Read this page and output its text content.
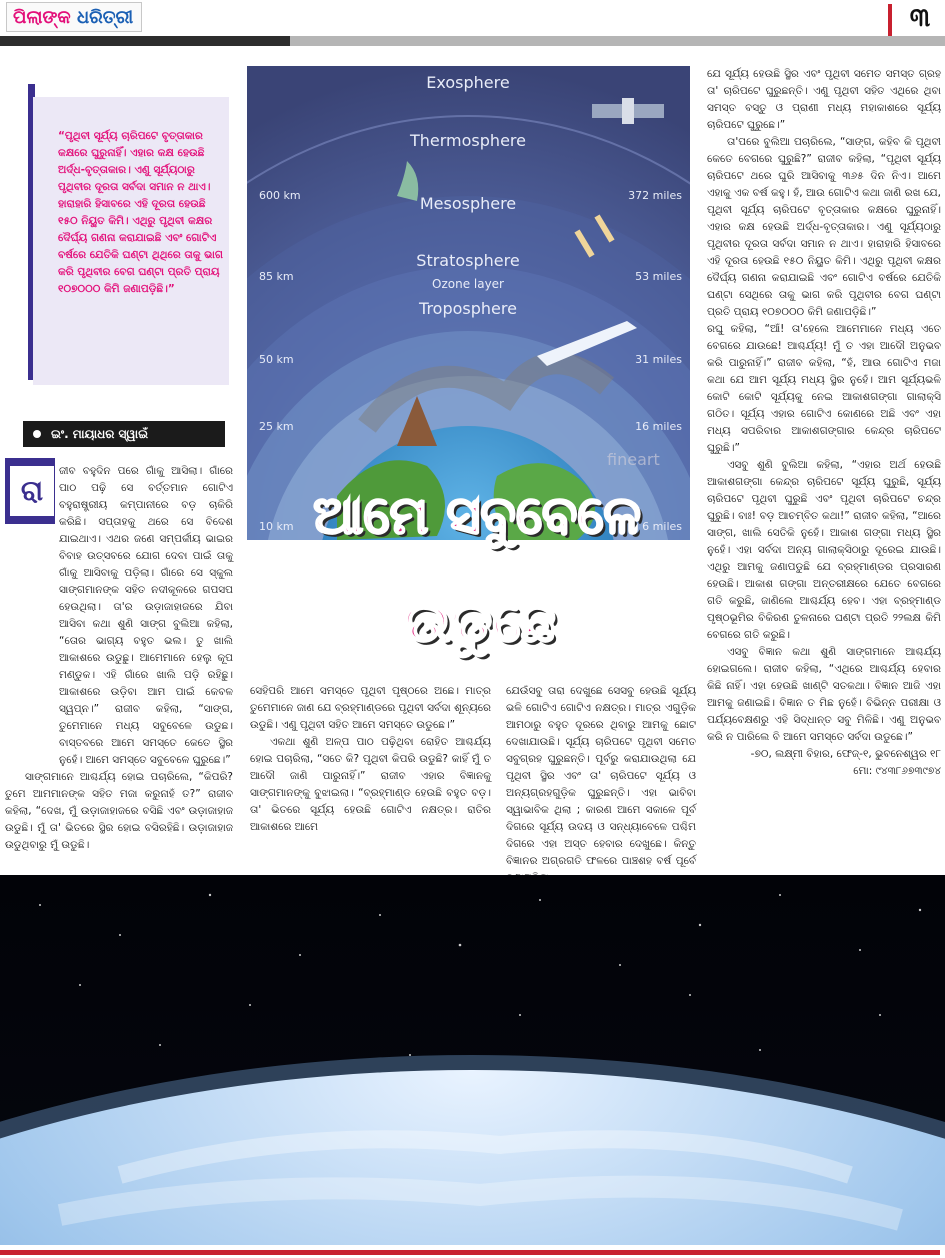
ପିଲାଙ୍କ ଧରିତ୍ରୀ	୩
“ପୃଥିବୀ ସୂର୍ଯ୍ୟ ଚାରିପଟେ ବୃତ୍ତାକାର କକ୍ଷରେ ଘୁରୁନାହିଁ। ଏହାର କକ୍ଷ ହେଉଛି ଅର୍ଦ୍ଧ-ବୃତ୍ତାକାର। ଏଣୁ ସୂର୍ଯ୍ୟଠାରୁ ପୃଥିବୀର ଦୂରତା ସର୍ବଦା ସମାନ ନ ଥାଏ। ହାରାହାରି ହିସାବରେ ଏହି ଦୂରତା ହେଉଛି ୧୫୦ ନିୟୁତ କିମି। ଏଥିରୁ ପୃଥିବୀ କକ୍ଷର ଦୈର୍ଘ୍ୟ ଗଣନା କରାଯାଇଛି ଏବଂ ଗୋଟିଏ ବର୍ଷରେ ଯେତିକି ଘଣ୍ଟା ଥିଥିରେ ତାକୁ ଭାଗ କରି ପୃଥିବୀର ବେଗ ଘଣ୍ଟା ପ୍ରତି ପ୍ରାୟ ୧୦୭୦୦୦ କିମି ଜଣାପଡ଼ିଛି।”
ଇଂ. ମାୟାଧର ସ୍ୱାଇଁ
Exosphere
Thermosphere
Mesosphere
Stratosphere
Ozone layer
Troposphere
600 km
85 km
50 km
25 km
10 km
372 miles
53 miles
31 miles
16 miles
6 miles
fineart
ଆମେ ସବୁବେଳେ
ଉଡୁଛେ
ରା

ଜୀବ ବହୁଦିନ ପରେ ଗାଁକୁ ଆସିଲା। ଗାଁରେ ପାଠ ପଢ଼ି ସେ ବର୍ତ୍ତମାନ ଗୋଟିଏ ବହୁରାଷ୍ଟ୍ରୀୟ କମ୍ପାନୀରେ ବଡ଼ ଚାକିରି କରିଛି। ସପ୍ତାହକୁ ଥରେ ସେ ବିଦେଶ ଯାଇଥାଏ। ଏଥର ଜଣେ ସମ୍ପର୍କୀୟ ଭାଇର ବିବାହ ଉତ୍ସବରେ ଯୋଗ ଦେବା ପାଇଁ ତାକୁ ଗାଁକୁ ଆସିବାକୁ ପଡ଼ିଲା। ଗାଁରେ ସେ ସ୍କୁଲ ସାଙ୍ଗମାନଙ୍କ ସହିତ ନଦୀକୂଳରେ ଗପସପ ହେଉଥିଲା। ତା'ର ଉଡ଼ାଜାହାଜରେ ଯିବା ଆସିବା କଥା ଶୁଣି ସାଙ୍ଗ ବୁଲିଆ କହିଲା, “ତୋର ଭାଗ୍ୟ ବହୁତ ଭଲ। ତୁ ଖାଲି ଆକାଶରେ ଉଡୁଛୁ। ଆମେମାନେ ହେଲୁ କୂପ ମଣ୍ଡୁକ। ଏହି ଗାଁରେ ଖାଲି ପଡ଼ି ରହିଛୁ। ଆକାଶରେ ଉଡ଼ିବା ଆମ ପାଇଁ କେବଳ ସ୍ୱପ୍ନ।” ରାଜୀବ କହିଲା, “ସାଙ୍ଗ, ତୁମେମାନେ ମଧ୍ୟ ସବୁବେଳେ ଉଡୁଛ। ବାସ୍ତବରେ ଆମେ ସମସ୍ତେ କେତେ ସ୍ଥିର ନୁହେଁ। ଆମେ ସମସ୍ତେ ସବୁବେଳେ ଘୁରୁଛେ।”

ସାଙ୍ଗମାନେ ଆଶ୍ଚର୍ଯ୍ୟ ହୋଇ ପଚାରିଲେ, “କିପରି? ତୁମେ ଆମମାନଙ୍କ ସହିତ ମଜା କରୁନାହଁ ତ?” ରାଜୀବ କହିଲା, “ଦେଖ, ମୁଁ ଉଡ଼ାଜାହାଜରେ ବସିଛି ଏବଂ ଉଡ଼ାଜାହାଜ ଉଡୁଛି। ମୁଁ ତା' ଭିତରେ ସ୍ଥିର ହୋଇ ବସିରହିଛି। ଉଡ଼ାଜାହାଜ ଉଡୁଥିବାରୁ ମୁଁ ଉଡୁଛି।

ସେହିପରି ଆମେ ସମସ୍ତେ ପୃଥିବୀ ପୃଷ୍ଠରେ ଅଛେ। ମାତ୍ର ତୁମେମାନେ ଜାଣ ଯେ ବ୍ରହ୍ମାଣ୍ଡରେ ପୃଥିବୀ ସର୍ବଦା ଶୂନ୍ୟରେ ଉଡୁଛି। ଏଣୁ ପୃଥିବୀ ସହିତ ଆମେ ସମସ୍ତେ ଉଡୁଛେ।”

ଏକଥା ଶୁଣି ଅଳ୍ପ ପାଠ ପଢ଼ିଥିବା ରୋହିତ ଆଶ୍ଚର୍ଯ୍ୟ ହୋଇ ପଚାରିଲା, “ସତେ କି? ପୃଥିବୀ କିପରି ଉଡୁଛି? କାହିଁ ମୁଁ ତ ଆଦୌ ଜାଣି ପାରୁନାହିଁ।” ରାଜୀବ ଏହାର ବିଜ୍ଞାନକୁ ସାଙ୍ଗମାନଙ୍କୁ ବୁଝାଇଲା। “ବ୍ରହ୍ମାଣ୍ଡ ହେଉଛି ବହୁତ ବଡ଼। ତା' ଭିତରେ ସୂର୍ଯ୍ୟ ହେଉଛି ଗୋଟିଏ ନକ୍ଷତ୍ର। ରାତିର ଆକାଶରେ ଆମେ

ଯେଉଁସବୁ ତାରା ଦେଖୁଛେ ସେସବୁ ହେଉଛି ସୂର୍ଯ୍ୟ ଭଳି ଗୋଟିଏ ଗୋଟିଏ ନକ୍ଷତ୍ର। ମାତ୍ର ଏଗୁଡ଼ିକ ଆମଠାରୁ ବହୁତ ଦୂରରେ ଥିବାରୁ ଆମକୁ ଛୋଟ ଦେଖାଯାଉଛି। ସୂର୍ଯ୍ୟ ଚାରିପଟେ ପୃଥିବୀ ସମେତ ସବୁଗ୍ରହ ଘୁରୁଛନ୍ତି। ପୂର୍ବରୁ କରାଯାଉଥିଲା ଯେ ପୃଥିବୀ ସ୍ଥିର ଏବଂ ତା' ଚାରିପଟେ ସୂର୍ଯ୍ୟ ଓ ଅନ୍ୟଗ୍ରହଗୁଡ଼ିକ ଘୁରୁଛନ୍ତି। ଏହା ଭାବିବା ସ୍ୱାଭାବିକ ଥିଲା ; କାରଣ ଆମେ ସକାଳେ ପୂର୍ବ ଦିଗରେ ସୂର୍ଯ୍ୟ ଉଦୟ ଓ ସନ୍ଧ୍ୟାବେଳେ ପଶ୍ଚିମ ଦିଗରେ ଏହା ଅସ୍ତ ହେବାର ଦେଖୁଛେ। କିନ୍ତୁ ବିଜ୍ଞାନର ଅଗ୍ରଗତି ଫଳରେ ପାଞ୍ଚଶହ ବର୍ଷ ପୂର୍ବେ

ଯେ ସୂର୍ଯ୍ୟ ହେଉଛି ସ୍ଥିର ଏବଂ ପୃଥିବୀ ସମେତ ସମସ୍ତ ଗ୍ରହ ତା' ଚାରିପଟେ ଘୁରୁଛନ୍ତି। ଏଣୁ ପୃଥିବୀ ସହିତ ଏଥିରେ ଥିବା ସମସ୍ତ ବସ୍ତୁ ଓ ପ୍ରାଣୀ ମଧ୍ୟ ମହାକାଶରେ ସୂର୍ଯ୍ୟ ଚାରିପଟେ ଘୁରୁଛେ।”

ତା'ପରେ ବୁଲିଆ ପଚାରିଲେ, “ସାଙ୍ଗ, କହିବ କି ପୃଥିବୀ କେତେ ବେଗରେ ଘୁରୁଛି?” ରାଜୀବ କହିଲା, “ପୃଥିବୀ ସୂର୍ଯ୍ୟ ଚାରିପଟେ ଥରେ ଘୁରି ଆସିବାକୁ ୩୬୫ ଦିନ ନିଏ। ଆମେ ଏହାକୁ ଏକ ବର୍ଷ କହୁ। ହଁ, ଆଉ ଗୋଟିଏ କଥା ଜାଣି ରଖ ଯେ, ପୃଥିବୀ ସୂର୍ଯ୍ୟ ଚାରିପଟେ ବୃତ୍ତାକାର କକ୍ଷରେ ଘୁରୁନାହିଁ। ଏହାର କକ୍ଷ ହେଉଛି ଅର୍ଦ୍ଧ-ବୃତ୍ତାକାର। ଏଣୁ ସୂର୍ଯ୍ୟଠାରୁ ପୃଥିବୀର ଦୂରତା ସର୍ବଦା ସମାନ ନ ଥାଏ। ହାରାହାରି ହିସାବରେ ଏହି ଦୂରତା ହେଉଛି ୧୫୦ ନିୟୁତ କିମି। ଏଥିରୁ ପୃଥିବୀ କକ୍ଷର ଦୈର୍ଘ୍ୟ ଗଣନା କରାଯାଇଛି ଏବଂ ଗୋଟିଏ ବର୍ଷରେ ଯେତିକି ଘଣ୍ଟା ସେଥିରେ ତାକୁ ଭାଗ କରି ପୃଥିବୀର ବେଗ ଘଣ୍ଟା ପ୍ରତି ପ୍ରାୟ ୧୦୭୦୦୦ କିମି ଜଣାପଡ଼ିଛି।”

ରଘୁ କହିଲା, “ଆଁ! ତା'ହେଲେ ଆମେମାନେ ମଧ୍ୟ ଏତେ ବେଗରେ ଯାଉଛେ! ଆଶ୍ଚର୍ଯ୍ୟ! ମୁଁ ତ ଏହା ଆଦୌ ଅନୁଭବ କରି ପାରୁନାହିଁ।” ରାଜୀବ କହିଲା, “ହଁ, ଆଉ ଗୋଟିଏ ମଜା କଥା ଯେ ଆମ ସୂର୍ଯ୍ୟ ମଧ୍ୟ ସ୍ଥିର ନୁହେଁ। ଆମ ସୂର୍ଯ୍ୟଭଳି କୋଟି କୋଟି ସୂର୍ଯ୍ୟକୁ ନେଇ ଆକାଶଗଙ୍ଗା ଗାଲାକ୍ସି ଗଠିତ। ସୂର୍ଯ୍ୟ ଏହାର ଗୋଟିଏ କୋଣରେ ଅଛି ଏବଂ ଏହା ମଧ୍ୟ ସପରିବାର ଆକାଶଗଙ୍ଗାର କେନ୍ଦ୍ର ଚାରିପଟେ ଘୁରୁଛି।”

ଏସବୁ ଶୁଣି ବୁଲିଆ କହିଲା, “ଏହାର ଅର୍ଥ ହେଉଛି ଆକାଶଗଙ୍ଗା କେନ୍ଦ୍ର ଚାରିପଟେ ସୂର୍ଯ୍ୟ ଘୁରୁଛି, ସୂର୍ଯ୍ୟ ଚାରିପଟେ ପୃଥିବୀ ଘୁରୁଛି ଏବଂ ପୃଥିବୀ ଚାରିପଟେ ଚନ୍ଦ୍ର ଘୁରୁଛି। ବାଃ! ବଡ଼ ଆଚମ୍ବିତ କଥା!” ରାଜୀବ କହିଲା, “ଆରେ ସାଙ୍ଗ, ଖାଲି ସେତିକି ନୁହେଁ। ଆକାଶ ଗଙ୍ଗା ମଧ୍ୟ ସ୍ଥିର ନୁହେଁ। ଏହା ସର୍ବଦା ଅନ୍ୟ ଗାଲାକ୍ସିଠାରୁ ଦୂରେଇ ଯାଉଛି। ଏଥିରୁ ଆମକୁ ଜଣାପଡୁଛି ଯେ ବ୍ରହ୍ମାଣ୍ଡର ପ୍ରସାରଣ ହେଉଛି। ଆକାଶ ଗଙ୍ଗା ଅନ୍ତରୀକ୍ଷରେ ଯେତେ ବେଗରେ ଗତି କରୁଛି, ଜାଣିଲେ ଆଶ୍ଚର୍ଯ୍ୟ ହେବ। ଏହା ବ୍ରହ୍ମାଣ୍ଡ ପୃଷ୍ଠଭୂମିର ବିକିରଣ ତୁଳନାରେ ଘଣ୍ଟା ପ୍ରତି ୨୨ଲକ୍ଷ କିମି ବେଗରେ ଗତି କରୁଛି।

ଏସବୁ ବିଜ୍ଞାନ କଥା ଶୁଣି ସାଙ୍ଗମାନେ ଆଶ୍ଚର୍ଯ୍ୟ ହୋଇଗଲେ। ରାଜୀବ କହିଲା, “ଏଥିରେ ଆଶ୍ଚର୍ଯ୍ୟ ହେବାର କିଛି ନାହିଁ। ଏହା ହେଉଛି ଖାଣ୍ଟି ସତକଥା। ବିଜ୍ଞାନ ଆଜି ଏହା ଆମକୁ ଜଣାଇଛି। ବିଜ୍ଞାନ ତ ମିଛ ନୁହେଁ। ବିଭିନ୍ନ ପରୀକ୍ଷା ଓ ପର୍ଯ୍ୟବେକ୍ଷଣରୁ ଏହି ସିଦ୍ଧାନ୍ତ ସବୁ ମିଳିଛି। ଏଣୁ ଅନୁଭବ କରି ନ ପାରିଲେ ବି ଆମେ ସମସ୍ତେ ସର୍ବଦା ଉଡୁଛେ।”

-୭୦, ଲକ୍ଷ୍ମୀ ବିହାର, ଫେଜ୍-୧, ଭୁବନେଶ୍ୱର ୧୮

ମୋ: ୯୪୩୮୬୭୩୯୭୪
